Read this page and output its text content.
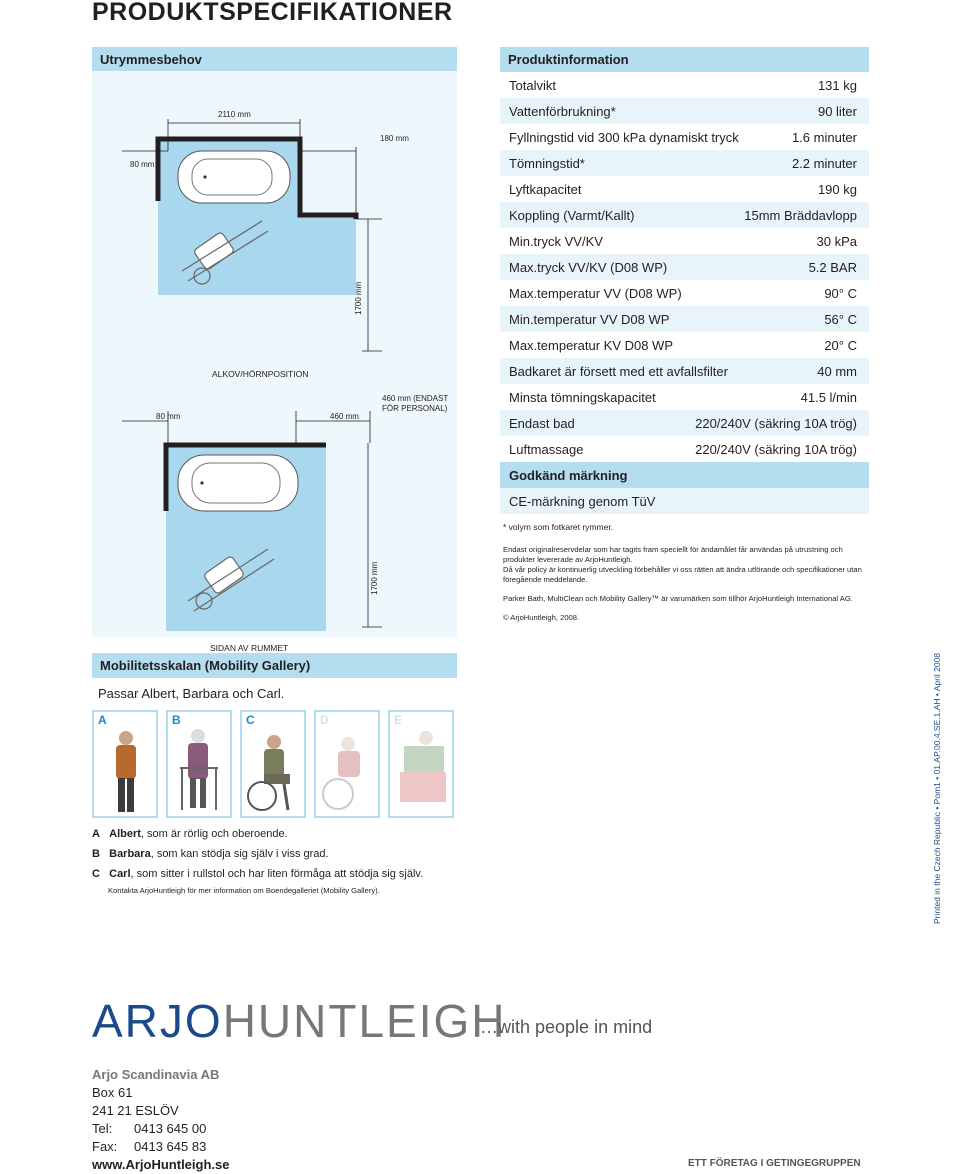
PRODUKTSPECIFIKATIONER
Utrymmesbehov
2110 mm
80 mm
180 mm
1700 mm
ALKOV/HÖRNPOSITION
80 mm	460 mm
460 mm (ENDAST
FÖR PERSONAL)
1700 mm
SIDAN AV RUMMET
Produktinformation
Totalvikt	131 kg
Vattenförbrukning*	90 liter
Fyllningstid vid 300 kPa dynamiskt tryck	1.6 minuter
Tömningstid*	2.2 minuter
Lyftkapacitet	190 kg
Koppling (Varmt/Kallt)	15mm Bräddavlopp
Min.tryck VV/KV	30 kPa
Max.tryck VV/KV (D08 WP)	5.2 BAR
Max.temperatur VV (D08 WP)	90° C
Min.temperatur VV D08 WP	56° C
Max.temperatur KV D08 WP	20° C
Badkaret är försett med ett avfallsfilter	40 mm
Minsta tömningskapacitet	41.5 l/min
Endast bad	220/240V (säkring 10A trög)
Luftmassage	220/240V (säkring 10A trög)
Godkänd märkning
CE-märkning genom TüV
* volym som fotkaret rymmer.
Endast originalreservdelar som har tagits fram speciellt för ändamålet får användas på utrustning och produkter levererade av ArjoHuntleigh.
Då vår policy är kontinuerlig utveckling förbehåller vi oss rätten att ändra utförande och specifikationer utan föregående meddelande.
Parker Bath, MultiClean och Mobility Gallery™ är varumärken som tillhör ArjoHuntleigh International AG.
© ArjoHuntleigh, 2008.
Mobilitetsskalan (Mobility Gallery)
Passar Albert, Barbara och Carl.
A	B	C	D	E
A Albert, som är rörlig och oberoende.
B Barbara, som kan stödja sig själv i viss grad.
C Carl, som sitter i rullstol och har liten förmåga att stödja sig själv.
Kontakta ArjoHuntleigh för mer information om Boendegalleriet (Mobility Gallery).	Printed in the Czech Republic • Pom1 • 01.AP.00.4.SE.1.AH • April 2008
ARJOHUNTLEIGH
…with people in mind
Arjo Scandinavia AB
Box 61
241 21 ESLÖV
Tel: 0413 645 00
Fax: 0413 645 83
www.ArjoHuntleigh.se	ETT FÖRETAG I GETINGEGRUPPEN
